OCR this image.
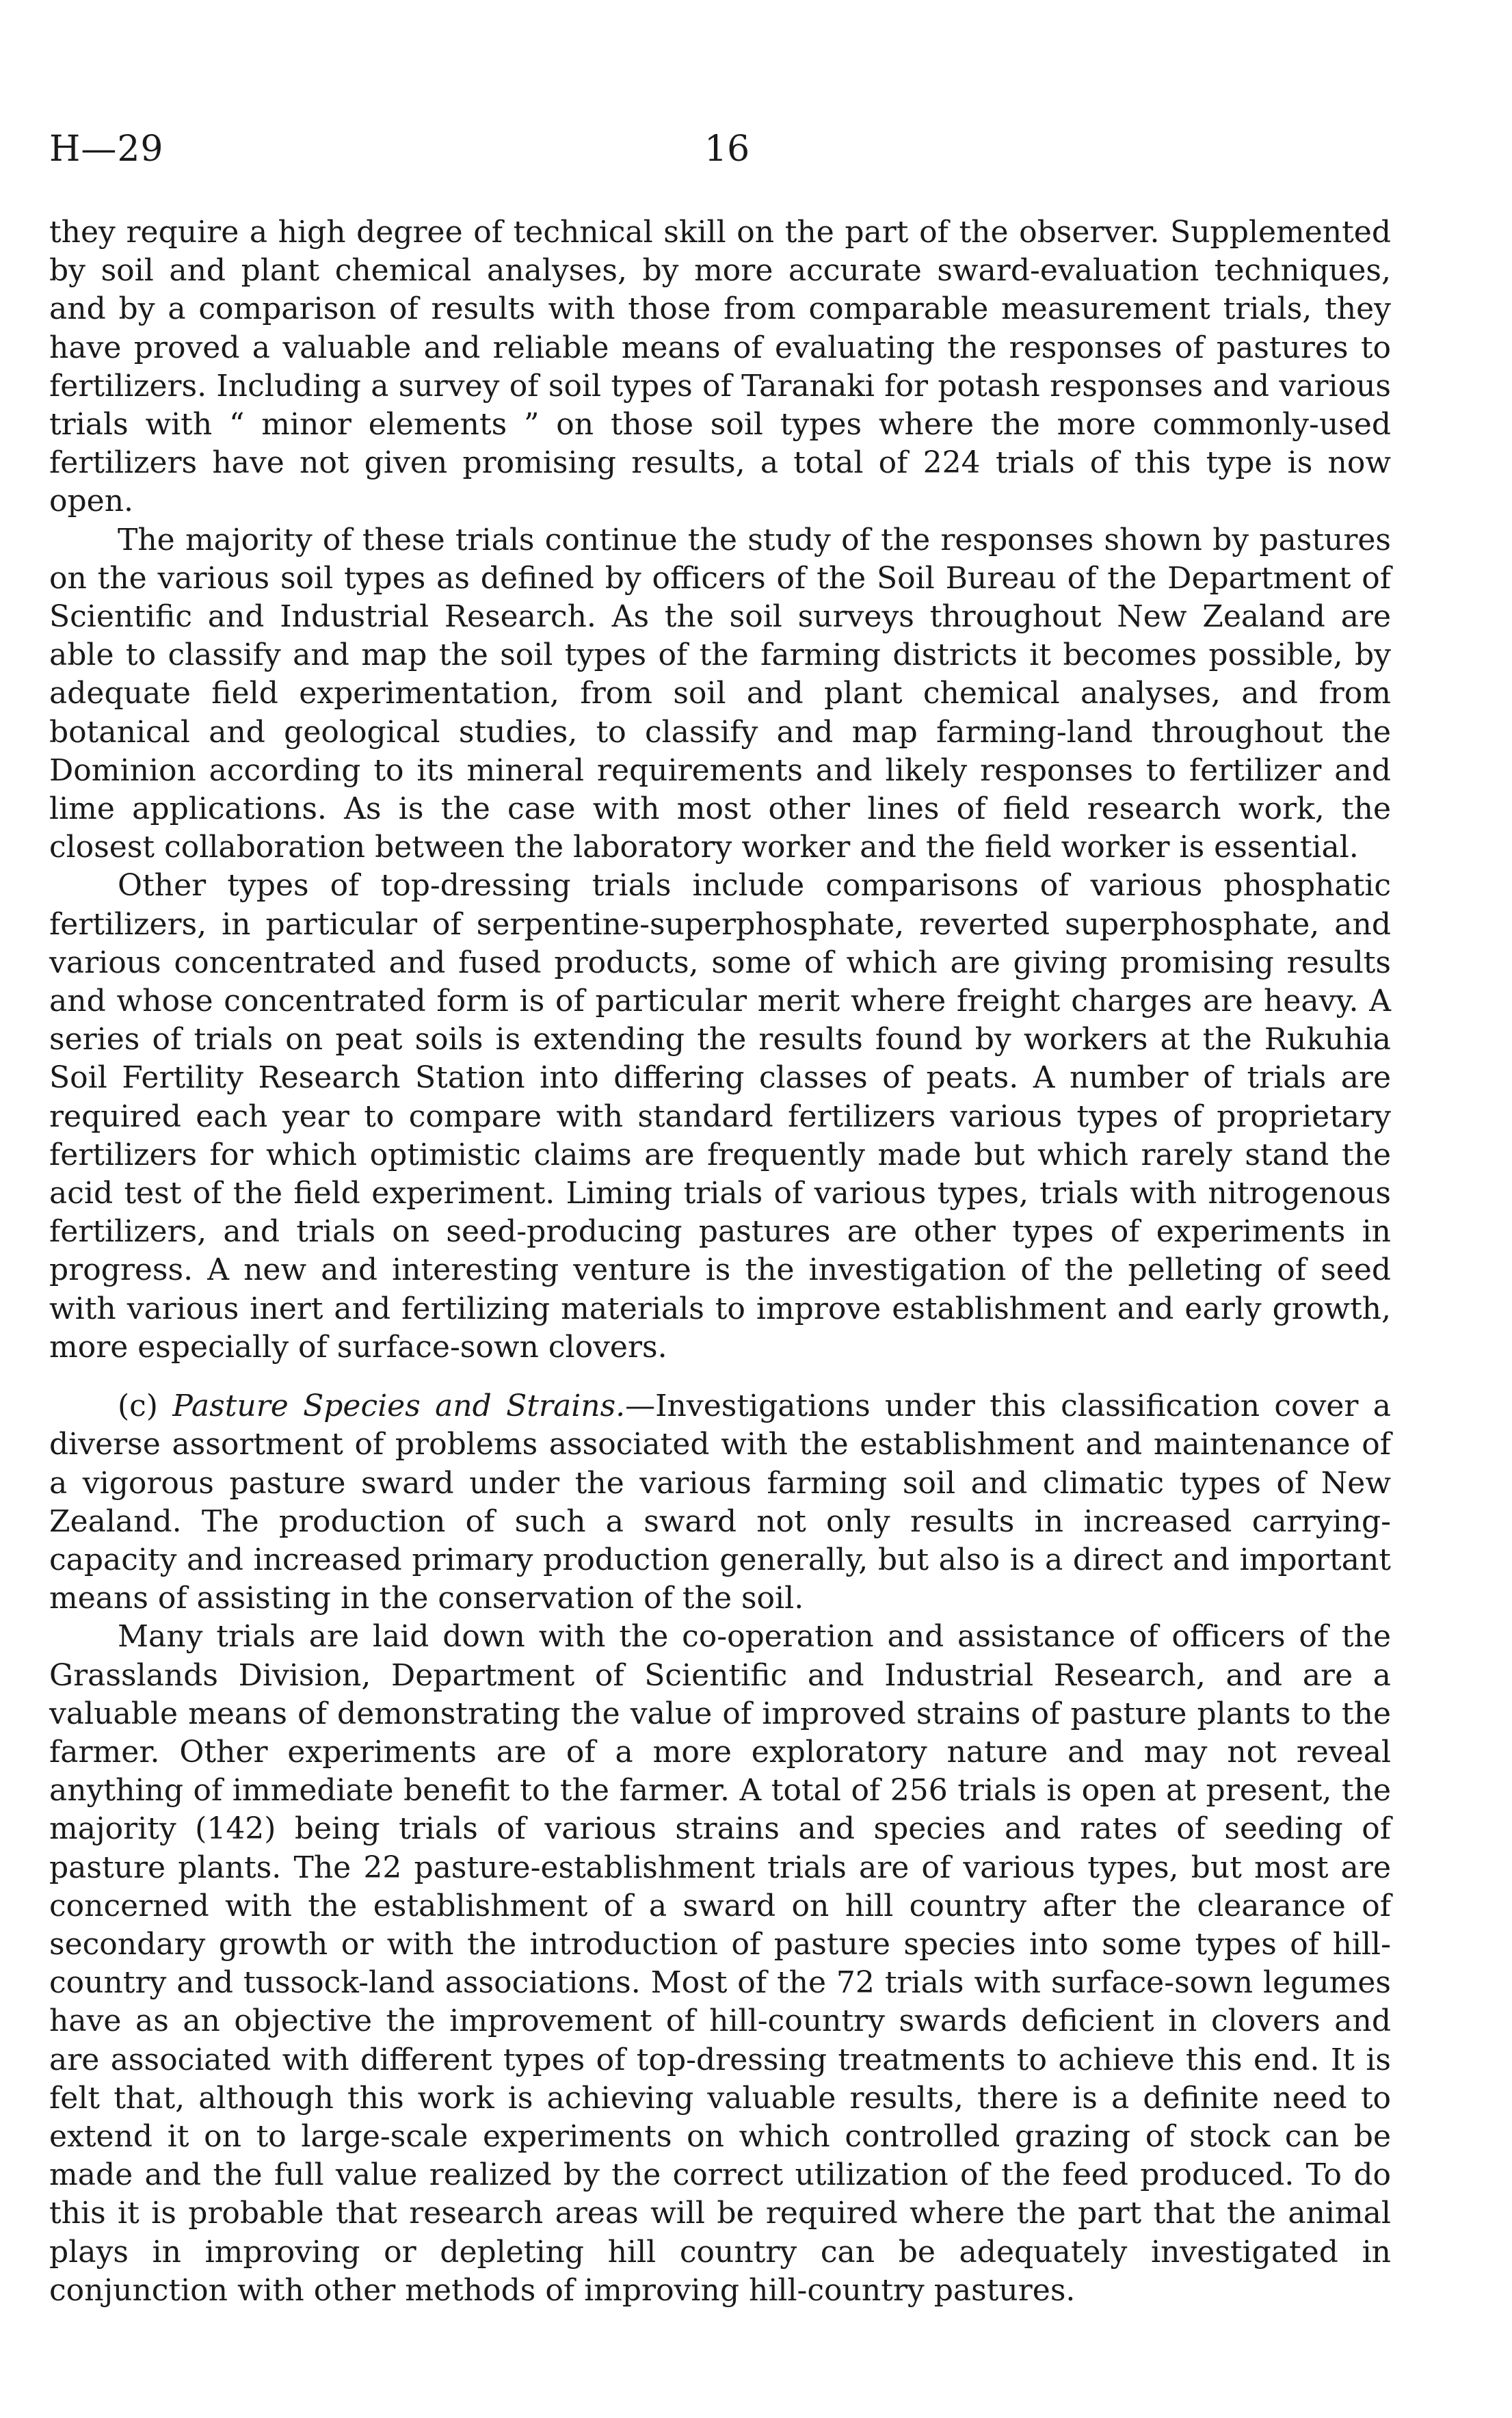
H—29	16

they require a high degree of technical skill on the part of the observer. Supplemented by soil and plant chemical analyses, by more accurate sward-evaluation techniques, and by a comparison of results with those from comparable measurement trials, they have proved a valuable and reliable means of evaluating the responses of pastures to fertilizers. Including a survey of soil types of Taranaki for potash responses and various trials with “ minor elements ” on those soil types where the more commonly-used fertilizers have not given promising results, a total of 224 trials of this type is now open.

The majority of these trials continue the study of the responses shown by pastures on the various soil types as defined by officers of the Soil Bureau of the Department of Scientific and Industrial Research. As the soil surveys throughout New Zealand are able to classify and map the soil types of the farming districts it becomes possible, by adequate field experimentation, from soil and plant chemical analyses, and from botanical and geological studies, to classify and map farming-land throughout the Dominion according to its mineral requirements and likely responses to fertilizer and lime applications. As is the case with most other lines of field research work, the closest collaboration between the laboratory worker and the field worker is essential.

Other types of top-dressing trials include comparisons of various phosphatic fertilizers, in particular of serpentine-superphosphate, reverted superphosphate, and various concentrated and fused products, some of which are giving promising results and whose concentrated form is of particular merit where freight charges are heavy. A series of trials on peat soils is extending the results found by workers at the Rukuhia Soil Fertility Research Station into differing classes of peats. A number of trials are required each year to compare with standard fertilizers various types of proprietary fertilizers for which optimistic claims are frequently made but which rarely stand the acid test of the field experiment. Liming trials of various types, trials with nitrogenous fertilizers, and trials on seed-producing pastures are other types of experiments in progress. A new and interesting venture is the investigation of the pelleting of seed with various inert and fertilizing materials to improve establishment and early growth, more especially of surface-sown clovers.

(c) Pasture Species and Strains.—Investigations under this classification cover a diverse assortment of problems associated with the establishment and maintenance of a vigorous pasture sward under the various farming soil and climatic types of New Zealand. The production of such a sward not only results in increased carrying-capacity and increased primary production generally, but also is a direct and important means of assisting in the conservation of the soil.

Many trials are laid down with the co-operation and assistance of officers of the Grasslands Division, Department of Scientific and Industrial Research, and are a valuable means of demonstrating the value of improved strains of pasture plants to the farmer. Other experiments are of a more exploratory nature and may not reveal anything of immediate benefit to the farmer. A total of 256 trials is open at present, the majority (142) being trials of various strains and species and rates of seeding of pasture plants. The 22 pasture-establishment trials are of various types, but most are concerned with the establishment of a sward on hill country after the clearance of secondary growth or with the introduction of pasture species into some types of hill-country and tussock-land associations. Most of the 72 trials with surface-sown legumes have as an objective the improvement of hill-country swards deficient in clovers and are associated with different types of top-dressing treatments to achieve this end. It is felt that, although this work is achieving valuable results, there is a definite need to extend it on to large-scale experiments on which controlled grazing of stock can be made and the full value realized by the correct utilization of the feed produced. To do this it is probable that research areas will be required where the part that the animal plays in improving or depleting hill country can be adequately investigated in conjunction with other methods of improving hill-country pastures.
